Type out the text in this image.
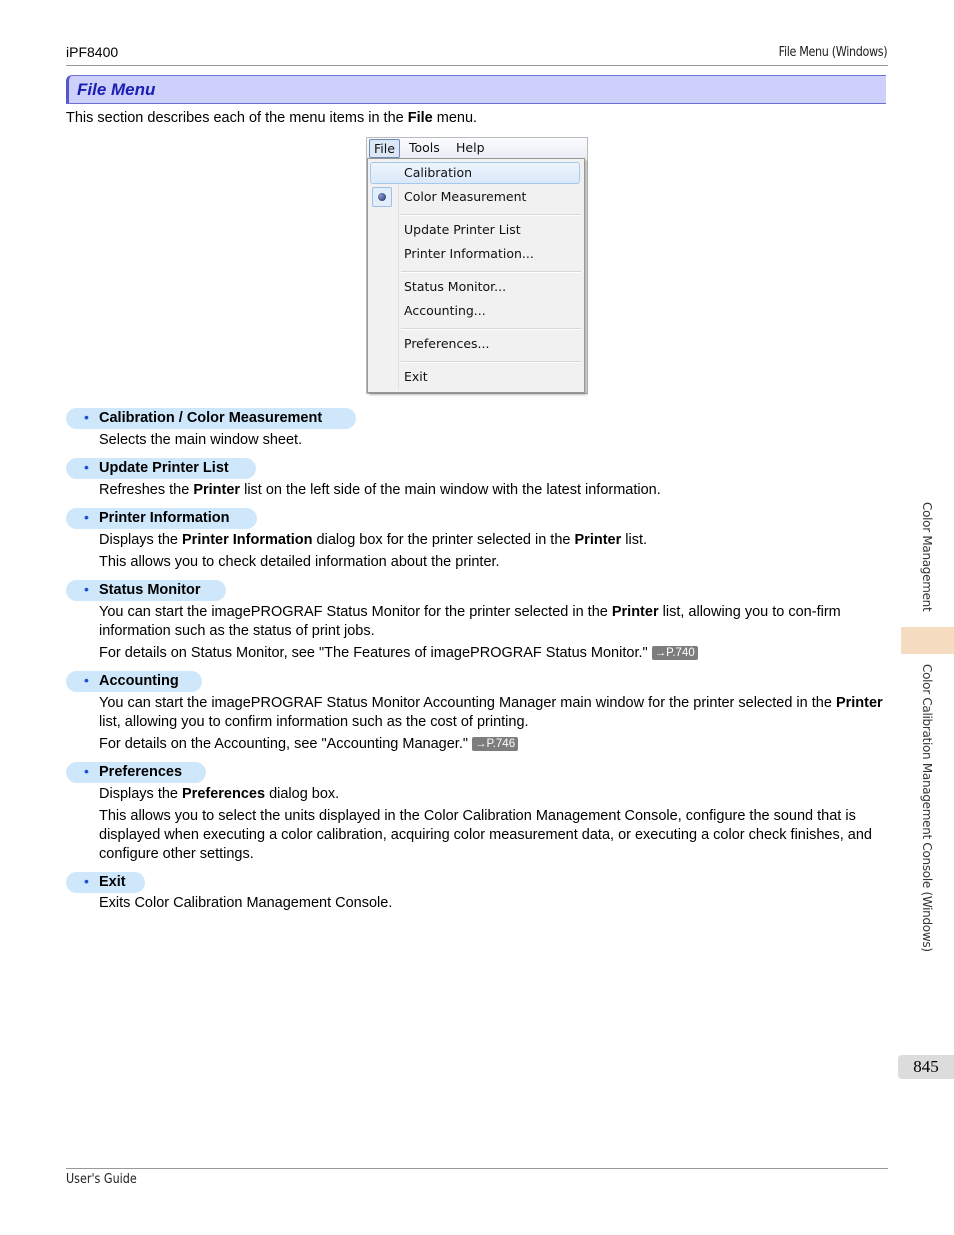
iPF8400	File Menu (Windows)
File Menu
This section describes each of the menu items in the File menu.
File	Tools	Help
Calibration
Color Measurement
Update Printer List
Printer Information...
Status Monitor...
Accounting...
Preferences...
Exit
• Calibration / Color Measurement
Selects the main window sheet.
• Update Printer List
Refreshes the Printer list on the left side of the main window with the latest information.
• Printer Information
Displays the Printer Information dialog box for the printer selected in the Printer list.
This allows you to check detailed information about the printer.
• Status Monitor
You can start the imagePROGRAF Status Monitor for the printer selected in the Printer list, allowing you to con-firm information such as the status of print jobs.
For details on Status Monitor, see "The Features of imagePROGRAF Status Monitor." →P.740
• Accounting
You can start the imagePROGRAF Status Monitor Accounting Manager main window for the printer selected in the Printer list, allowing you to confirm information such as the cost of printing.
For details on the Accounting, see "Accounting Manager." →P.746
• Preferences
Displays the Preferences dialog box.
This allows you to select the units displayed in the Color Calibration Management Console, configure the sound that is displayed when executing a color calibration, acquiring color measurement data, or executing a color check finishes, and configure other settings.
• Exit
Exits Color Calibration Management Console.
Color Management
Color Calibration Management Console (Windows)
845
User's Guide
